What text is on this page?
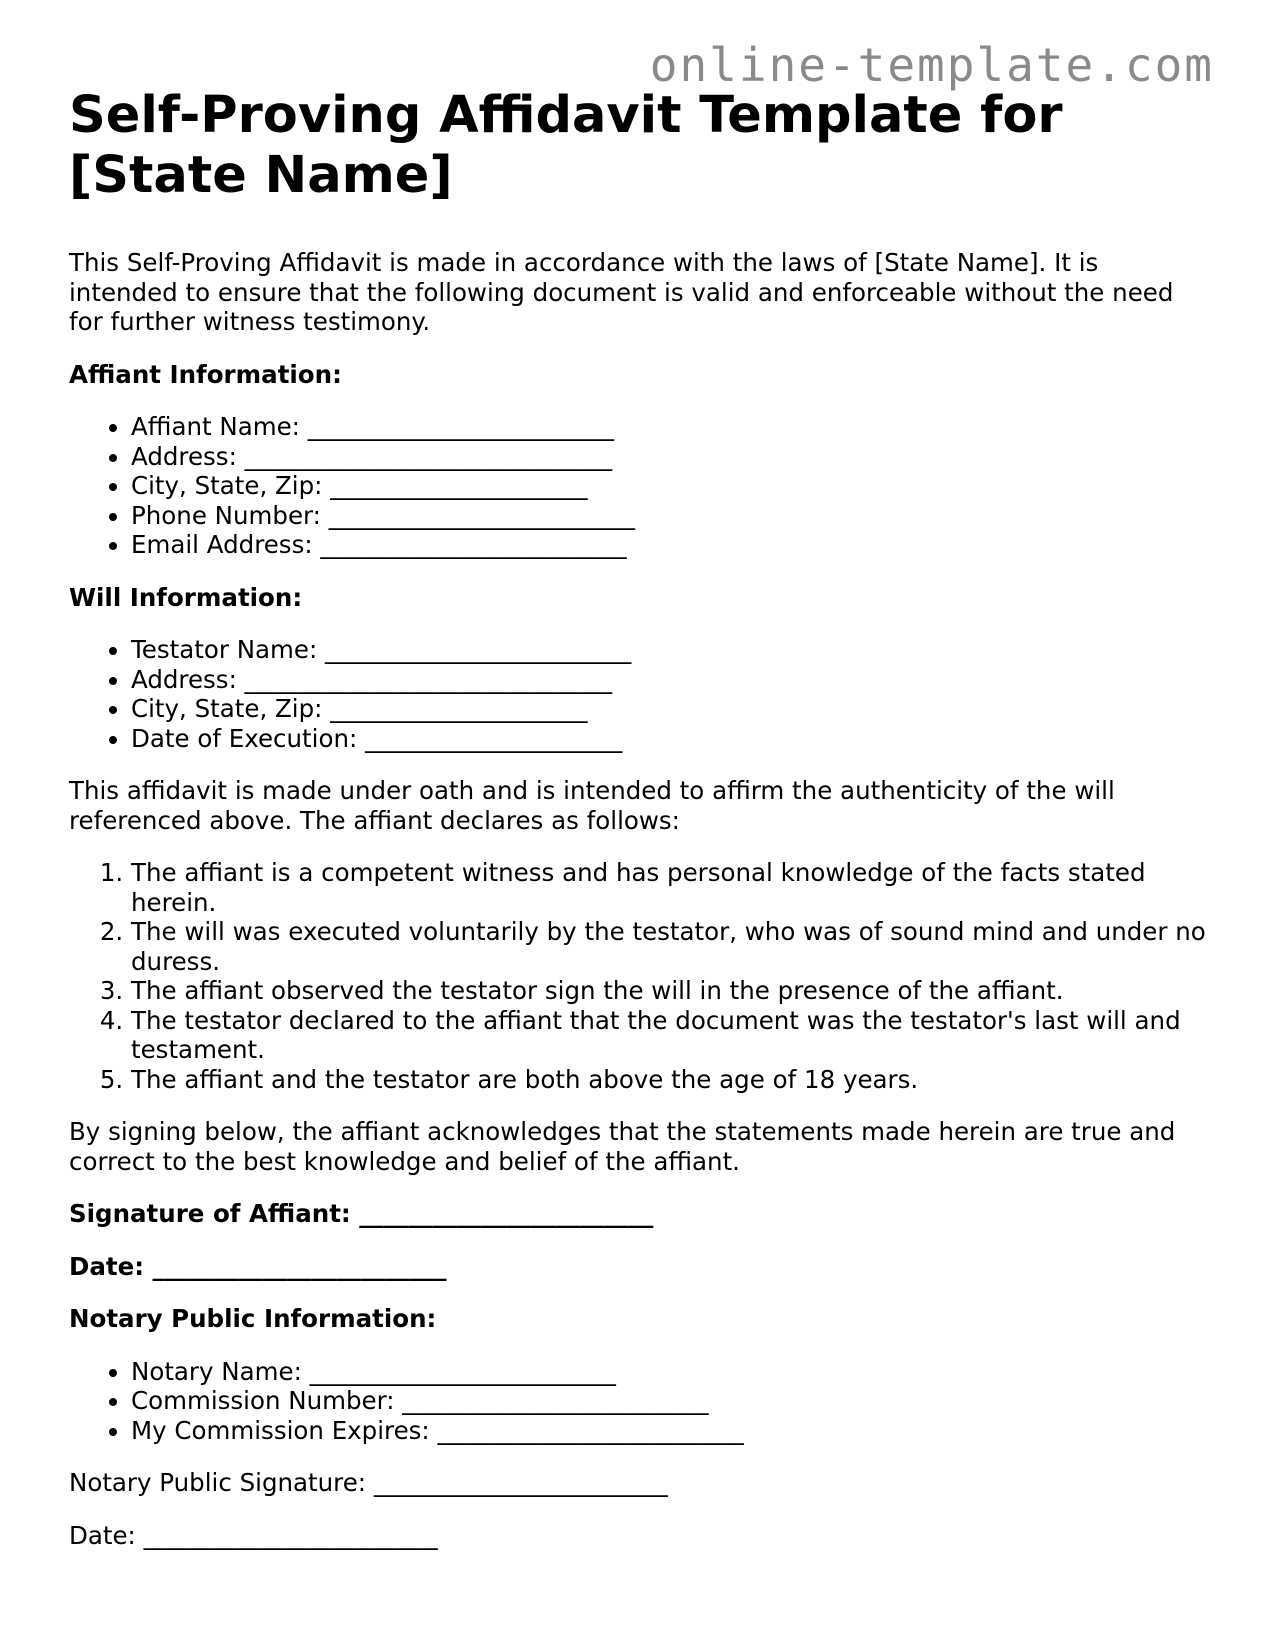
online-template.com
Self-Proving Affidavit Template for [State Name]

This Self-Proving Affidavit is made in accordance with the laws of [State Name]. It is intended to ensure that the following document is valid and enforceable without the need for further witness testimony.

Affiant Information:

• Affiant Name: _________________________
• Address: ______________________________
• City, State, Zip: _____________________
• Phone Number: _________________________
• Email Address: _________________________

Will Information:

• Testator Name: _________________________
• Address: ______________________________
• City, State, Zip: _____________________
• Date of Execution: _____________________

This affidavit is made under oath and is intended to affirm the authenticity of the will referenced above. The affiant declares as follows:

1. The affiant is a competent witness and has personal knowledge of the facts stated herein.
2. The will was executed voluntarily by the testator, who was of sound mind and under no duress.
3. The affiant observed the testator sign the will in the presence of the affiant.
4. The testator declared to the affiant that the document was the testator's last will and testament.
5. The affiant and the testator are both above the age of 18 years.

By signing below, the affiant acknowledges that the statements made herein are true and correct to the best knowledge and belief of the affiant.

Signature of Affiant: ________________________

Date: ________________________

Notary Public Information:

• Notary Name: _________________________
• Commission Number: _________________________
• My Commission Expires: _________________________

Notary Public Signature: ________________________

Date: ________________________
